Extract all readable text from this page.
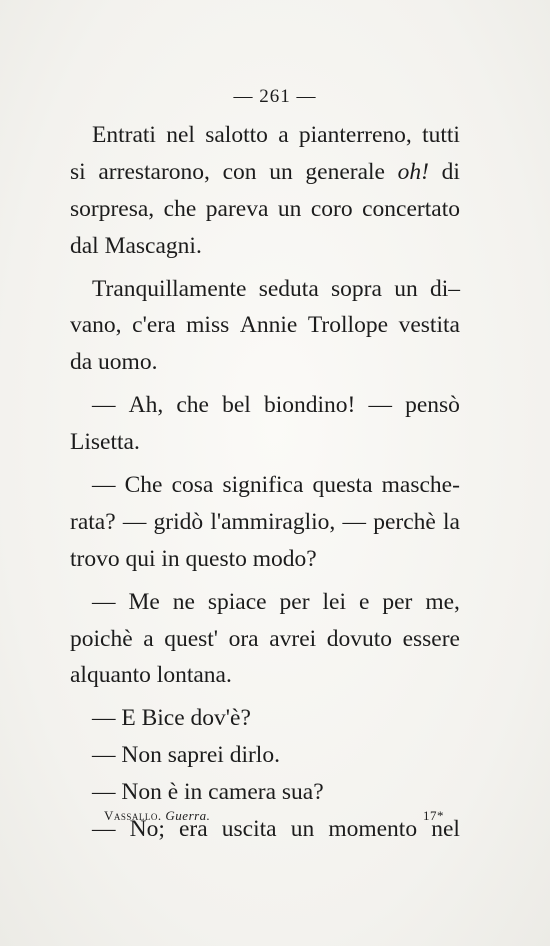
— 261 —
Entrati nel salotto a pianterreno, tutti
si arrestarono, con un generale oh! di
sorpresa, che pareva un coro concertato
dal Mascagni.
Tranquillamente seduta sopra un di–
vano, c'era miss Annie Trollope vestita
da uomo.
— Ah, che bel biondino! — pensò
Lisetta.
— Che cosa significa questa masche-
rata? — gridò l'ammiraglio, — perchè la
trovo qui in questo modo?
— Me ne spiace per lei e per me,
poichè a quest' ora avrei dovuto essere
alquanto lontana.
— E Bice dov'è?
— Non saprei dirlo.
— Non è in camera sua?
— No; era uscita un momento nel
Vassallo. Guerra.	17*
